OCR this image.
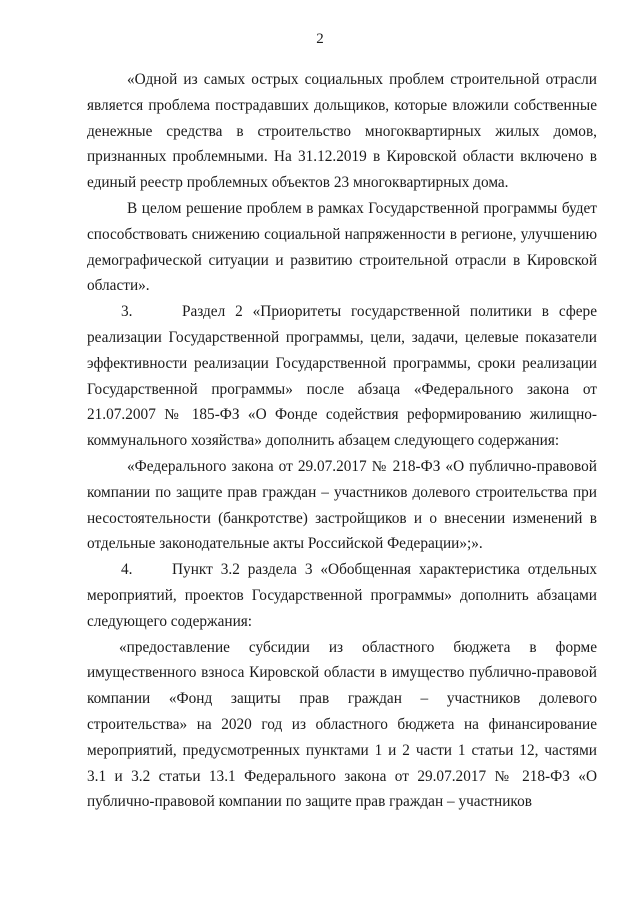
2

«Одной из самых острых социальных проблем строительной отрасли является проблема пострадавших дольщиков, которые вложили собственные денежные средства в строительство многоквартирных жилых домов, признанных проблемными. На 31.12.2019 в Кировской области включено в единый реестр проблемных объектов 23 многоквартирных дома.

В целом решение проблем в рамках Государственной программы будет способствовать снижению социальной напряженности в регионе, улучшению демографической ситуации и развитию строительной отрасли в Кировской области».

3.     Раздел 2 «Приоритеты государственной политики в сфере реализации Государственной программы, цели, задачи, целевые показатели эффективности реализации Государственной программы, сроки реализации Государственной программы» после абзаца «Федерального закона от 21.07.2007 № 185-ФЗ «О Фонде содействия реформированию жилищно-коммунального хозяйства» дополнить абзацем следующего содержания:

«Федерального закона от 29.07.2017 № 218-ФЗ «О публично-правовой компании по защите прав граждан – участников долевого строительства при несостоятельности (банкротстве) застройщиков и о внесении изменений в отдельные законодательные акты Российской Федерации»;».

4.     Пункт 3.2 раздела 3 «Обобщенная характеристика отдельных мероприятий, проектов Государственной программы» дополнить абзацами следующего содержания:

«предоставление субсидии из областного бюджета в форме имущественного взноса Кировской области в имущество публично-правовой компании «Фонд защиты прав граждан – участников долевого строительства» на 2020 год из областного бюджета на финансирование мероприятий, предусмотренных пунктами 1 и 2 части 1 статьи 12, частями 3.1 и 3.2 статьи 13.1 Федерального закона от 29.07.2017 № 218-ФЗ «О публично-правовой компании по защите прав граждан – участников
